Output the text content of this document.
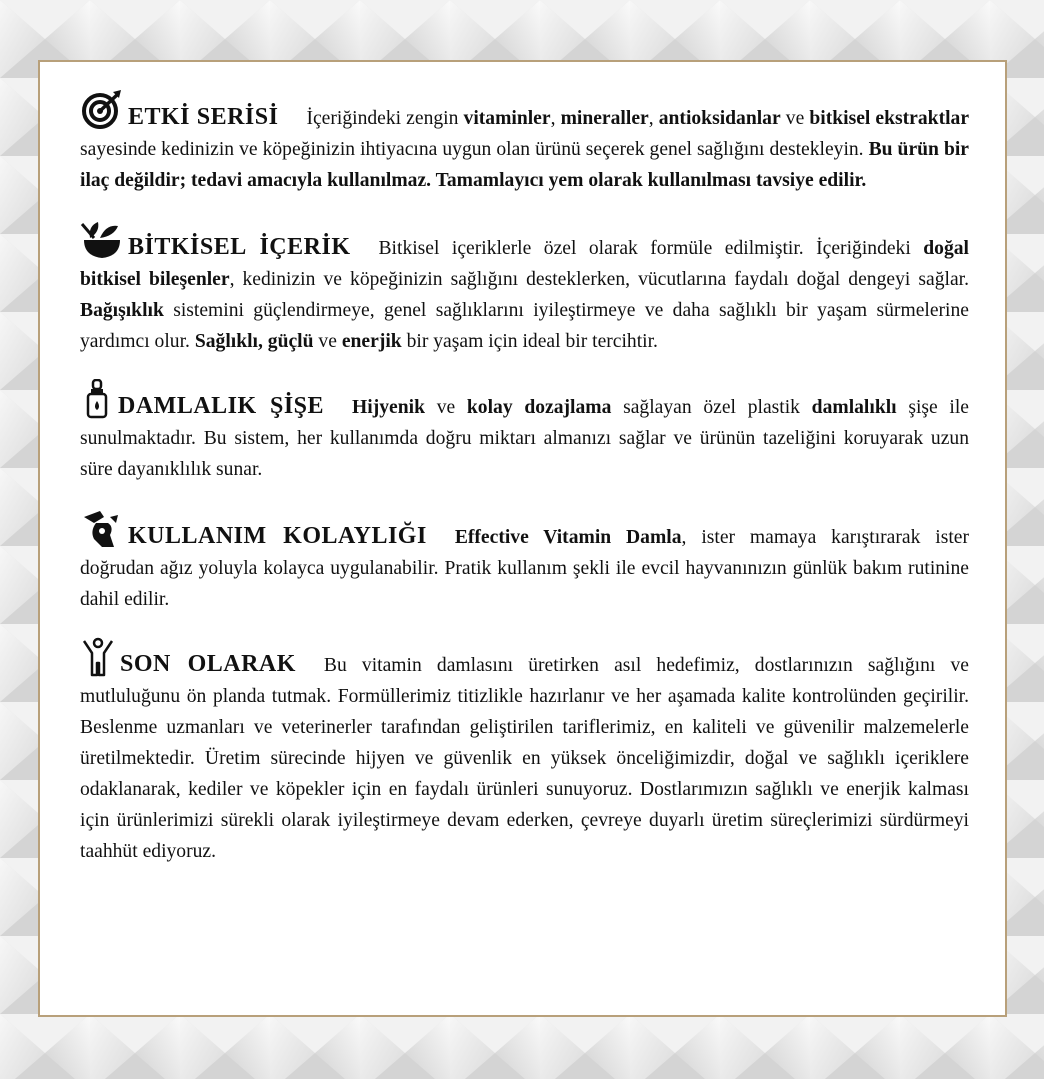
ETKİ SERİSİ İçeriğindeki zengin vitaminler, mineraller, antioksidanlar ve bitkisel ekstraktlar sayesinde kedinizin ve köpeğinizin ihtiyacına uygun olan ürünü seçerek genel sağlığını destekleyin. Bu ürün bir ilaç değildir; tedavi amacıyla kullanılmaz. Tamamlayıcı yem olarak kullanılması tavsiye edilir.

BİTKİSEL İÇERİK Bitkisel içeriklerle özel olarak formüle edilmiştir. İçeriğindeki doğal bitkisel bileşenler, kedinizin ve köpeğinizin sağlığını desteklerken, vücutlarına faydalı doğal dengeyi sağlar. Bağışıklık sistemini güçlendirmeye, genel sağlıklarını iyileştirmeye ve daha sağlıklı bir yaşam sürmelerine yardımcı olur. Sağlıklı, güçlü ve enerjik bir yaşam için ideal bir tercihtir.

DAMLALIK ŞİŞE Hijyenik ve kolay dozajlama sağlayan özel plastik damlalıklı şişe ile sunulmaktadır. Bu sistem, her kullanımda doğru miktarı almanızı sağlar ve ürünün tazeliğini koruyarak uzun süre dayanıklılık sunar.

KULLANIM KOLAYLIĞI Effective Vitamin Damla, ister mamaya karıştırarak ister doğrudan ağız yoluyla kolayca uygulanabilir. Pratik kullanım şekli ile evcil hayvanınızın günlük bakım rutinine dahil edilir.

SON OLARAK Bu vitamin damlasını üretirken asıl hedefimiz, dostlarınızın sağlığını ve mutluluğunu ön planda tutmak. Formüllerimiz titizlikle hazırlanır ve her aşamada kalite kontrolünden geçirilir. Beslenme uzmanları ve veterinerler tarafından geliştirilen tariflerimiz, en kaliteli ve güvenilir malzemelerle üretilmektedir. Üretim sürecinde hijyen ve güvenlik en yüksek önceliğimizdir, doğal ve sağlıklı içeriklere odaklanarak, kediler ve köpekler için en faydalı ürünleri sunuyoruz. Dostlarımızın sağlıklı ve enerjik kalması için ürünlerimizi sürekli olarak iyileştirmeye devam ederken, çevreye duyarlı üretim süreçlerimizi sürdürmeyi taahhüt ediyoruz.
